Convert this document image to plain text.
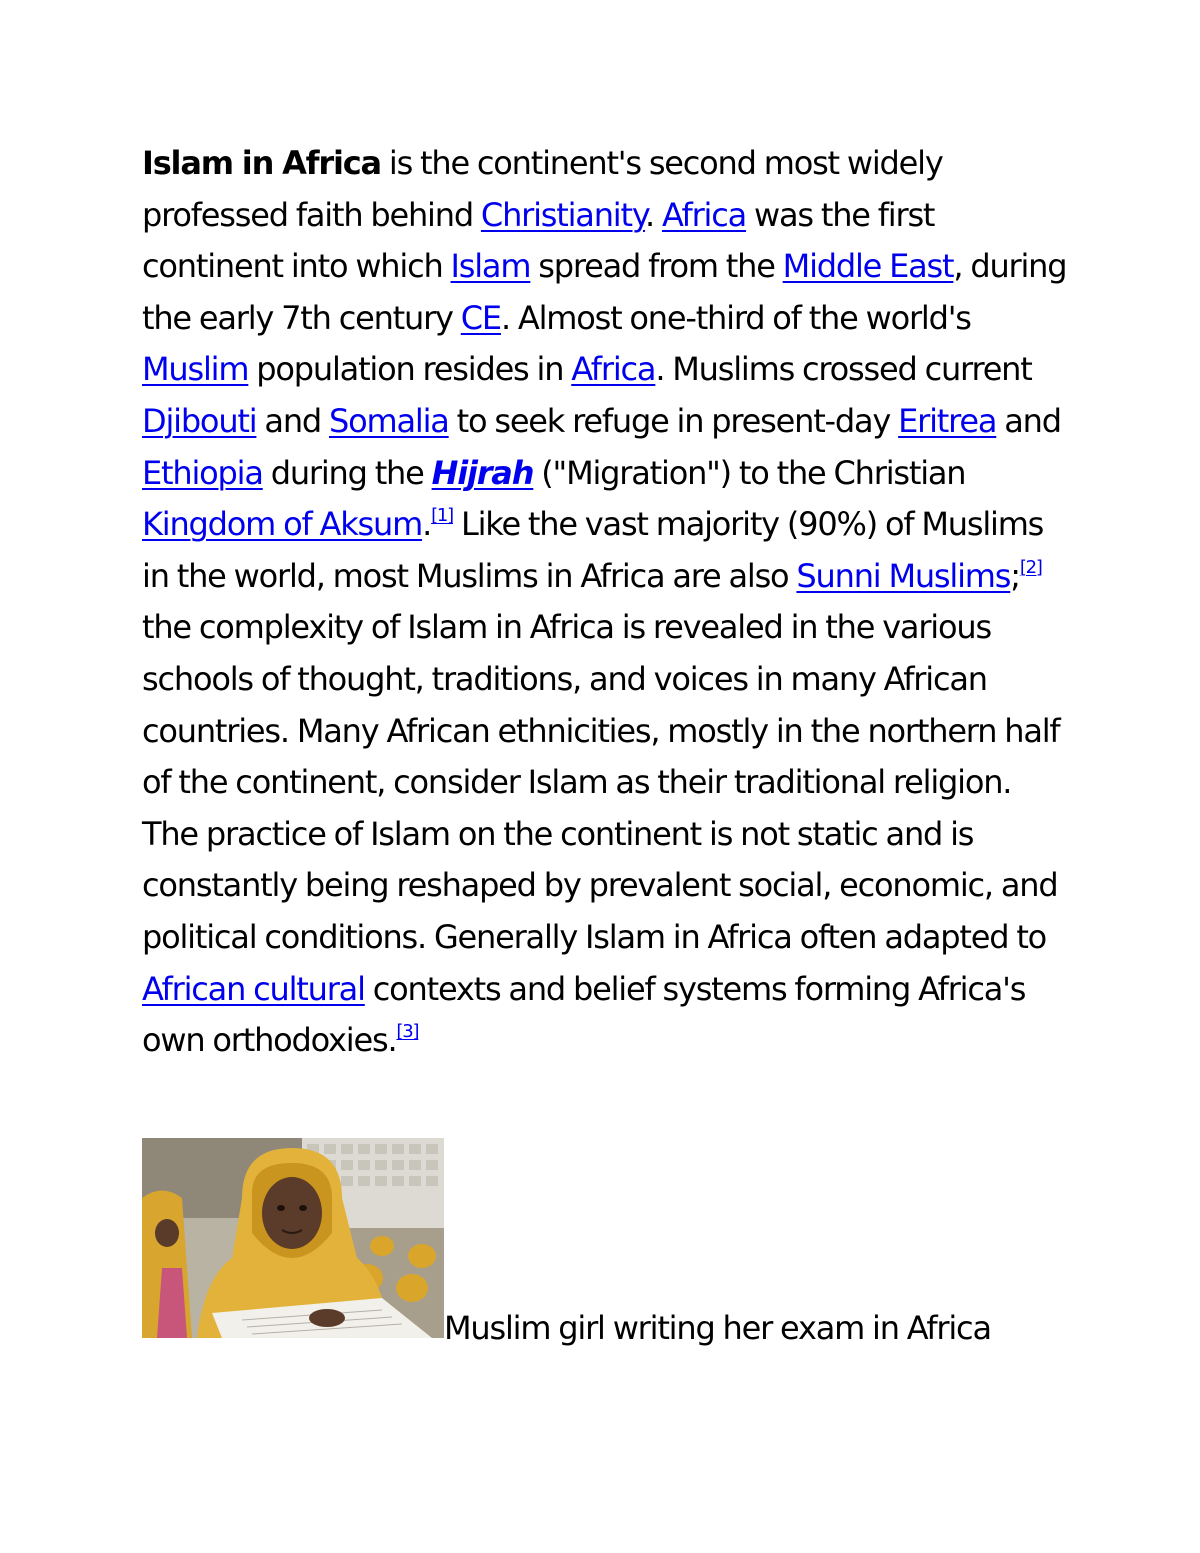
Islam in Africa is the continent's second most widely professed faith behind Christianity. Africa was the first continent into which Islam spread from the Middle East, during the early 7th century CE. Almost one-third of the world's Muslim population resides in Africa. Muslims crossed current Djibouti and Somalia to seek refuge in present-day Eritrea and Ethiopia during the Hijrah ("Migration") to the Christian Kingdom of Aksum.[1] Like the vast majority (90%) of Muslims in the world, most Muslims in Africa are also Sunni Muslims;[2] the complexity of Islam in Africa is revealed in the various schools of thought, traditions, and voices in many African countries. Many African ethnicities, mostly in the northern half of the continent, consider Islam as their traditional religion. The practice of Islam on the continent is not static and is constantly being reshaped by prevalent social, economic, and political conditions. Generally Islam in Africa often adapted to African cultural contexts and belief systems forming Africa's own orthodoxies.[3]

Muslim girl writing her exam in Africa
